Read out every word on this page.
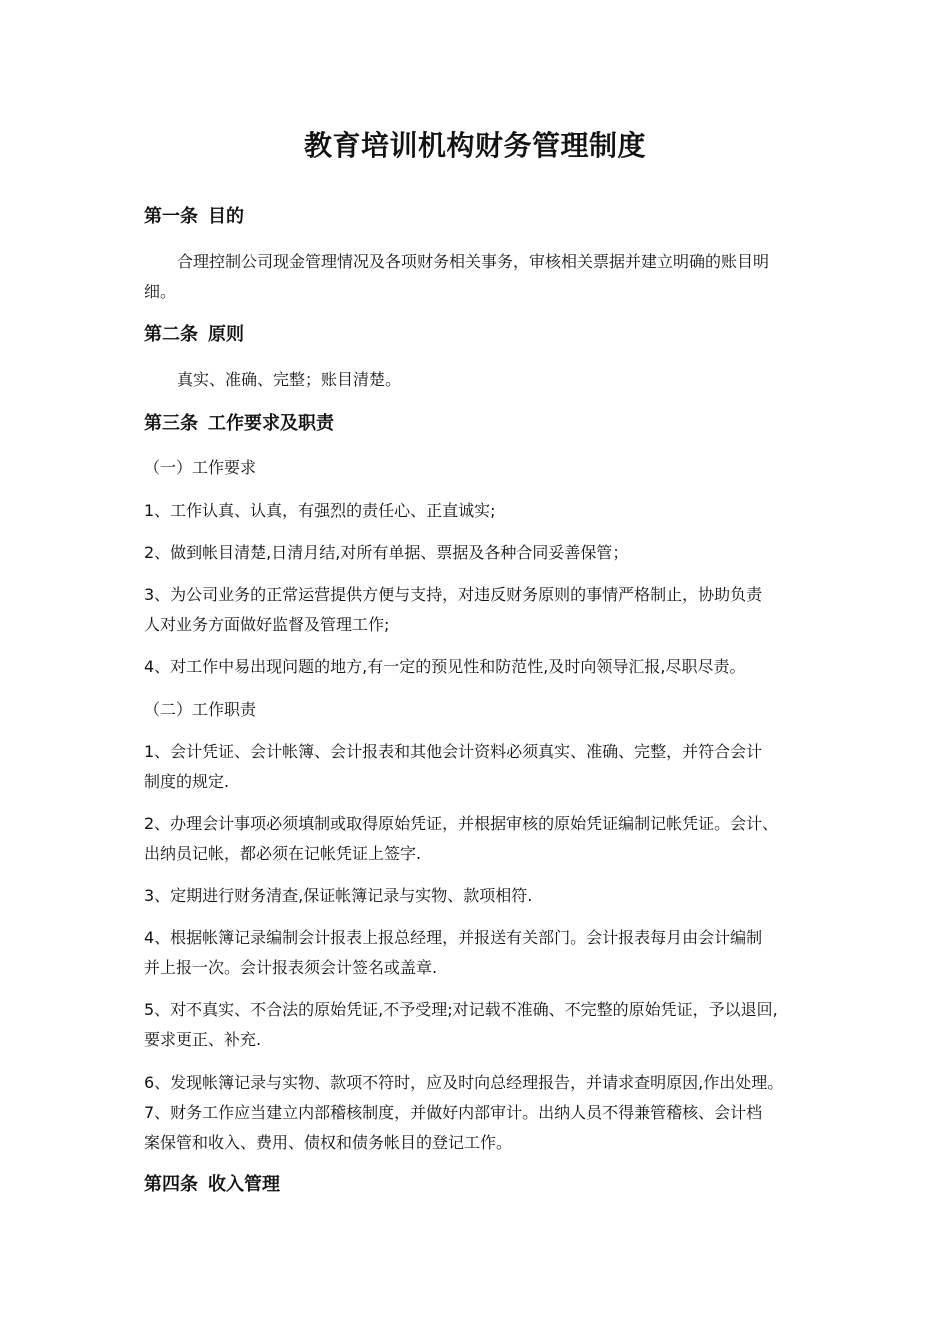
教育培训机构财务管理制度
第一条 目的
合理控制公司现金管理情况及各项财务相关事务，审核相关票据并建立明确的账目明
细。
第二条 原则
真实、准确、完整；账目清楚。
第三条 工作要求及职责
（一）工作要求
1、工作认真、认真，有强烈的责任心、正直诚实;
2、做到帐目清楚,日清月结,对所有单据、票据及各种合同妥善保管；
3、为公司业务的正常运营提供方便与支持，对违反财务原则的事情严格制止，协助负责
人对业务方面做好监督及管理工作;
4、对工作中易出现问题的地方,有一定的预见性和防范性,及时向领导汇报,尽职尽责。
（二）工作职责
1、会计凭证、会计帐簿、会计报表和其他会计资料必须真实、准确、完整，并符合会计
制度的规定.
2、办理会计事项必须填制或取得原始凭证，并根据审核的原始凭证编制记帐凭证。会计、
出纳员记帐，都必须在记帐凭证上签字.
3、定期进行财务清查,保证帐簿记录与实物、款项相符.
4、根据帐簿记录编制会计报表上报总经理，并报送有关部门。会计报表每月由会计编制
并上报一次。会计报表须会计签名或盖章.
5、对不真实、不合法的原始凭证,不予受理;对记载不准确、不完整的原始凭证，予以退回,
要求更正、补充.
6、发现帐簿记录与实物、款项不符时，应及时向总经理报告，并请求查明原因,作出处理。
7、财务工作应当建立内部稽核制度，并做好内部审计。出纳人员不得兼管稽核、会计档
案保管和收入、费用、债权和债务帐目的登记工作。
第四条 收入管理
